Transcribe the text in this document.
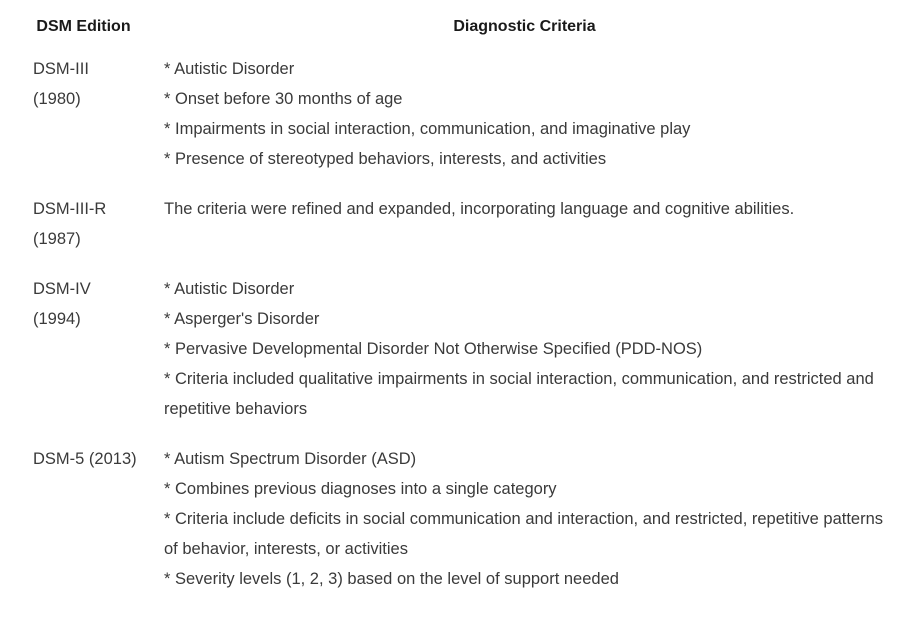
DSM Edition	Diagnostic Criteria

DSM-III
(1980)	* Autistic Disorder
* Onset before 30 months of age
* Impairments in social interaction, communication, and imaginative play
* Presence of stereotyped behaviors, interests, and activities

DSM-III-R
(1987)	The criteria were refined and expanded, incorporating language and cognitive abilities.

DSM-IV
(1994)	* Autistic Disorder
* Asperger's Disorder
* Pervasive Developmental Disorder Not Otherwise Specified (PDD-NOS)
* Criteria included qualitative impairments in social interaction, communication, and restricted and repetitive behaviors

DSM-5 (2013)	* Autism Spectrum Disorder (ASD)
* Combines previous diagnoses into a single category
* Criteria include deficits in social communication and interaction, and restricted, repetitive patterns of behavior, interests, or activities
* Severity levels (1, 2, 3) based on the level of support needed
